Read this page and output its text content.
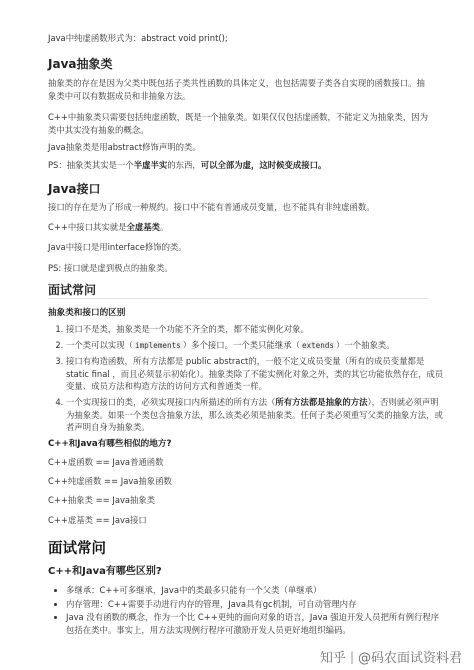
Java中纯虚函数形式为：abstract void print();

Java抽象类

抽象类的存在是因为父类中既包括子类共性函数的具体定义，也包括需要子类各自实现的函数接口。抽

象类中可以有数据成员和非抽象方法。

C++中抽象类只需要包括纯虚函数，既是一个抽象类。如果仅仅包括虚函数，不能定义为抽象类，因为

类中其实没有抽象的概念。

Java抽象类是用abstract修饰声明的类。

PS：抽象类其实是一个半虚半实的东西，可以全部为虚，这时候变成接口。

Java接口

接口的存在是为了形成一种规约。接口中不能有普通成员变量，也不能具有非纯虚函数。

C++中接口其实就是全虚基类。

Java中接口是用interface修饰的类。

PS: 接口就是虚到极点的抽象类。

面试常问
抽象类和接口的区别
1. 接口不是类，抽象类是一个功能不齐全的类，都不能实例化对象。
2. 一个类可以实现（ implements ）多个接口。一个类只能继承（ extends ）一个抽象类。
3. 接口有构造函数，所有方法都是 public abstract的，一般不定义成员变量（所有的成员变量都是 static final ，而且必须显示初始化）。抽象类除了不能实例化对象之外，类的其它功能依然存在，成员变量、成员方法和构造方法的访问方式和普通类一样。
4. 一个实现接口的类，必须实现接口内所描述的所有方法（所有方法都是抽象的方法），否则就必须声明为抽象类。如果一个类包含抽象方法，那么该类必须是抽象类。任何子类必须重写父类的抽象方法，或者声明自身为抽象类。
C++和Java有哪些相似的地方?

C++虚函数 == Java普通函数

C++纯虚函数 == Java抽象函数

C++抽象类 == Java抽象类

C++虚基类 == Java接口

面试常问
C++和Java有哪些区别?
• 多继承：C++可多继承，Java中的类最多只能有一个父类（单继承）
• 内存管理：C++需要手动进行内存的管理，Java具有gc机制，可自动管理内存
• Java 没有函数的概念，作为一个比 C++更纯的面向对象的语言，Java 强迫开发人员把所有例行程序包括在类中。事实上，用方法实现例行程序可激励开发人员更好地组织编码。
知乎 | @码农面试资料君
